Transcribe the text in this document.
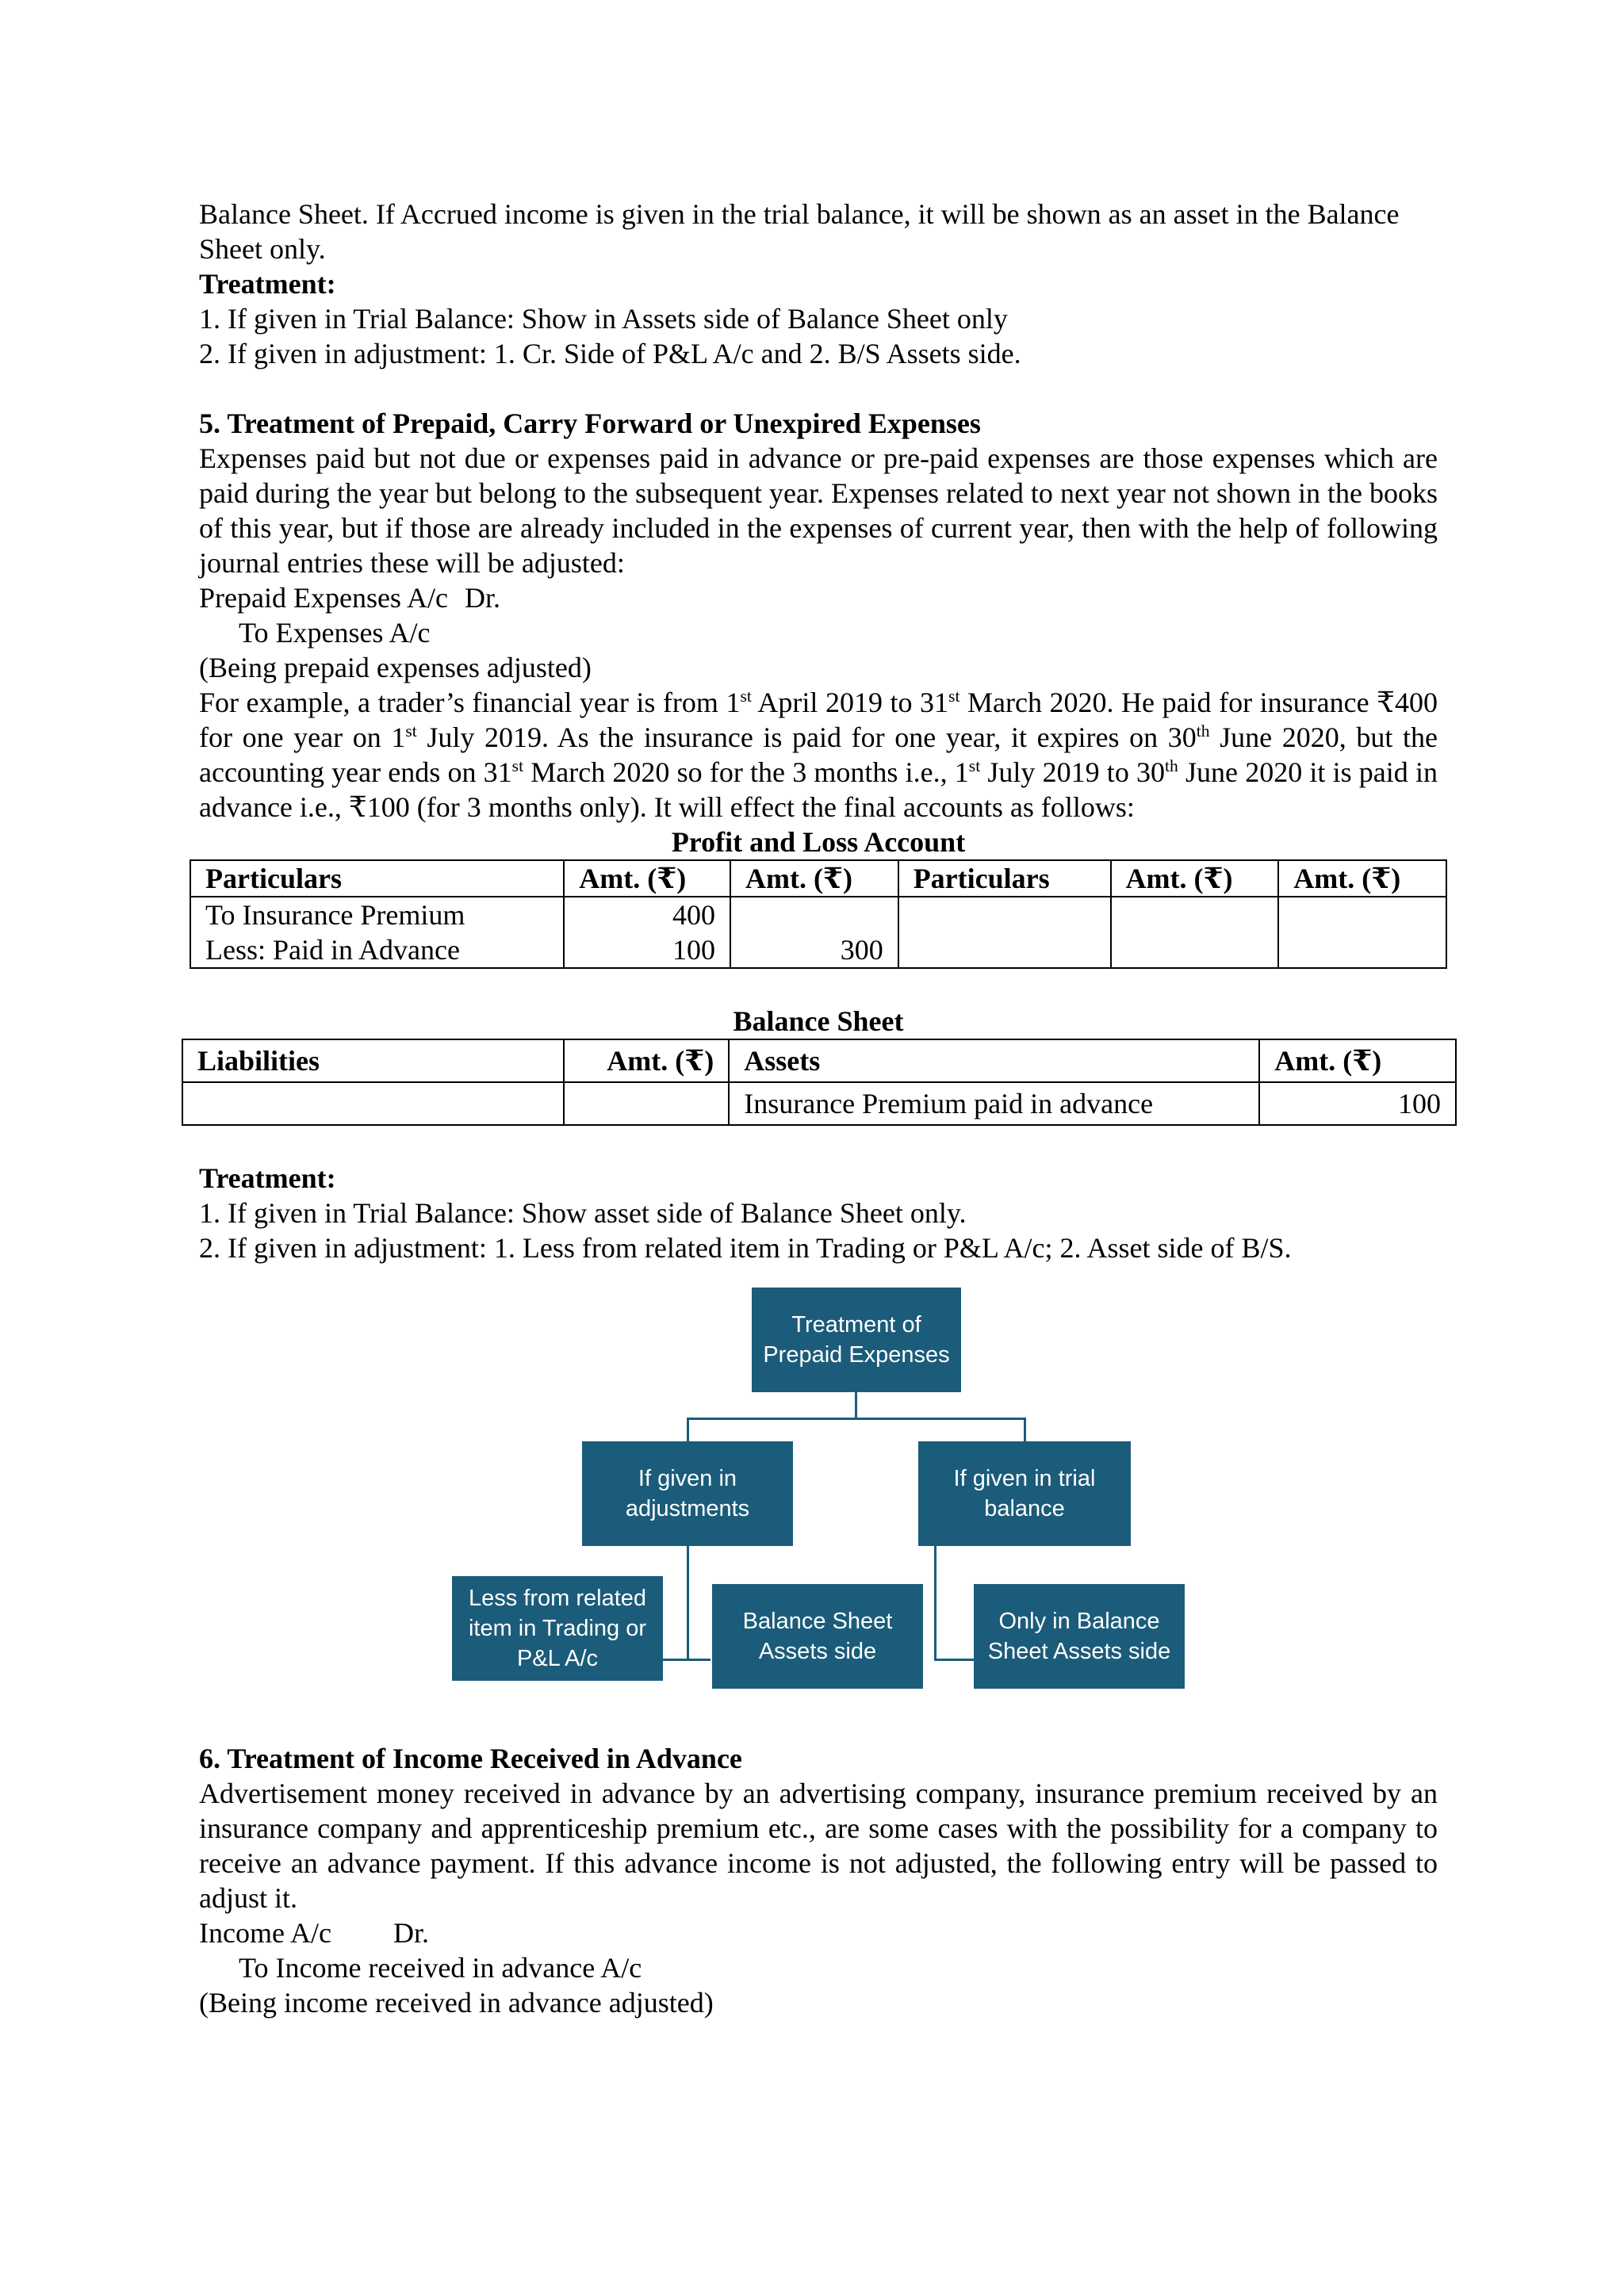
Balance Sheet. If Accrued income is given in the trial balance, it will be shown as an asset in the Balance

Sheet only.

Treatment:

1. If given in Trial Balance: Show in Assets side of Balance Sheet only

2. If given in adjustment: 1. Cr. Side of P&L A/c and 2. B/S Assets side.

5. Treatment of Prepaid, Carry Forward or Unexpired Expenses

Expenses paid but not due or expenses paid in advance or pre-paid expenses are those expenses which are paid during the year but belong to the subsequent year. Expenses related to next year not shown in the books of this year, but if those are already included in the expenses of current year, then with the help of following journal entries these will be adjusted:

Prepaid Expenses A/c Dr.

To Expenses A/c

(Being prepaid expenses adjusted)

For example, a trader’s financial year is from 1st April 2019 to 31st March 2020. He paid for insurance ₹400 for one year on 1st July 2019. As the insurance is paid for one year, it expires on 30th June 2020, but the accounting year ends on 31st March 2020 so for the 3 months i.e., 1st July 2019 to 30th June 2020 it is paid in advance i.e., ₹100 (for 3 months only). It will effect the final accounts as follows:

Profit and Loss Account

Particulars	Amt. (₹)	Amt. (₹)	Particulars	Amt. (₹)	Amt. (₹)
To Insurance Premium	400				
Less: Paid in Advance	100	300			

Balance Sheet

Liabilities	Amt. (₹)	Assets	Amt. (₹)
		Insurance Premium paid in advance	100

Treatment:

1. If given in Trial Balance: Show asset side of Balance Sheet only.

2. If given in adjustment: 1. Less from related item in Trading or P&L A/c; 2. Asset side of B/S.

Treatment of Prepaid Expenses
If given in adjustments
If given in trial balance
Less from related item in Trading or P&L A/c
Balance Sheet Assets side
Only in Balance Sheet Assets side

6. Treatment of Income Received in Advance

Advertisement money received in advance by an advertising company, insurance premium received by an insurance company and apprenticeship premium etc., are some cases with the possibility for a company to receive an advance payment. If this advance income is not adjusted, the following entry will be passed to adjust it.

Income A/c Dr.

To Income received in advance A/c

(Being income received in advance adjusted)
